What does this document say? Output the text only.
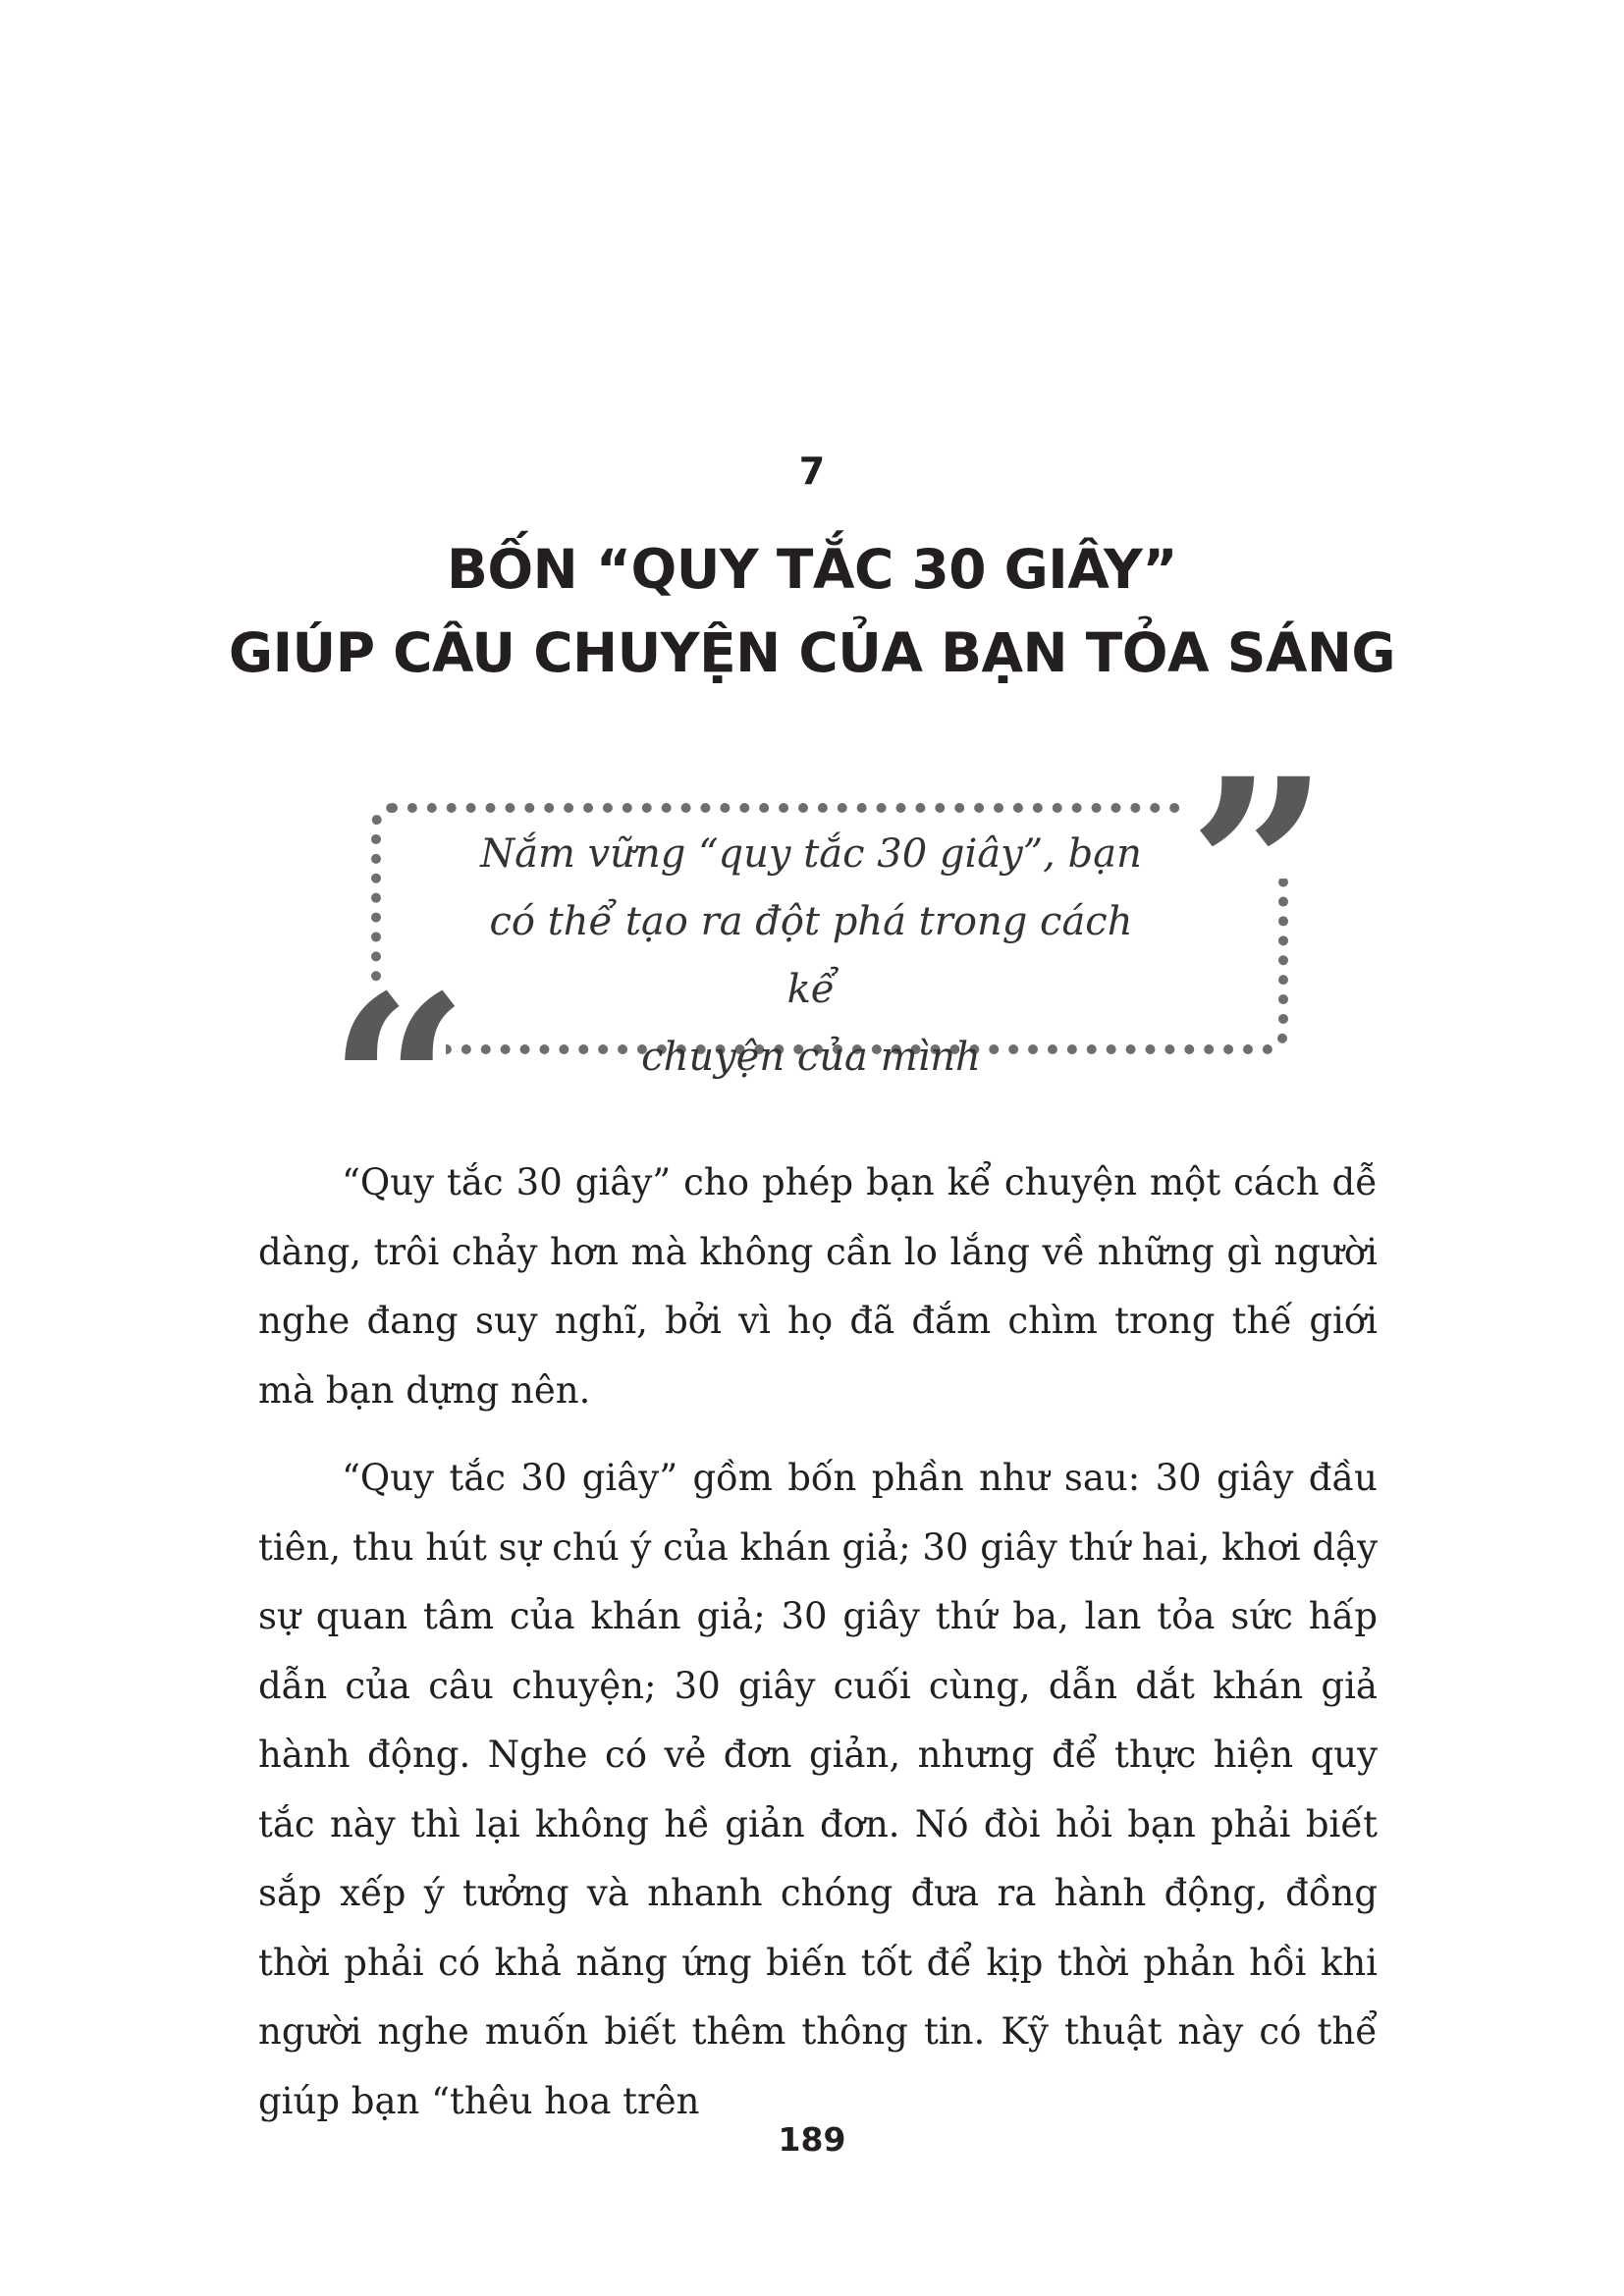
7
BỐN “QUY TẮC 30 GIÂY”
GIÚP CÂU CHUYỆN CỦA BẠN TỎA SÁNG
”
“
Nắm vững “quy tắc 30 giây”, bạn
có thể tạo ra đột phá trong cách kể
chuyện của mình

“Quy tắc 30 giây” cho phép bạn kể chuyện một cách dễ dàng, trôi chảy hơn mà không cần lo lắng về những gì người nghe đang suy nghĩ, bởi vì họ đã đắm chìm trong thế giới mà bạn dựng nên.

“Quy tắc 30 giây” gồm bốn phần như sau: 30 giây đầu tiên, thu hút sự chú ý của khán giả; 30 giây thứ hai, khơi dậy sự quan tâm của khán giả; 30 giây thứ ba, lan tỏa sức hấp dẫn của câu chuyện; 30 giây cuối cùng, dẫn dắt khán giả hành động. Nghe có vẻ đơn giản, nhưng để thực hiện quy tắc này thì lại không hề giản đơn. Nó đòi hỏi bạn phải biết sắp xếp ý tưởng và nhanh chóng đưa ra hành động, đồng thời phải có khả năng ứng biến tốt để kịp thời phản hồi khi người nghe muốn biết thêm thông tin. Kỹ thuật này có thể giúp bạn “thêu hoa trên

189
